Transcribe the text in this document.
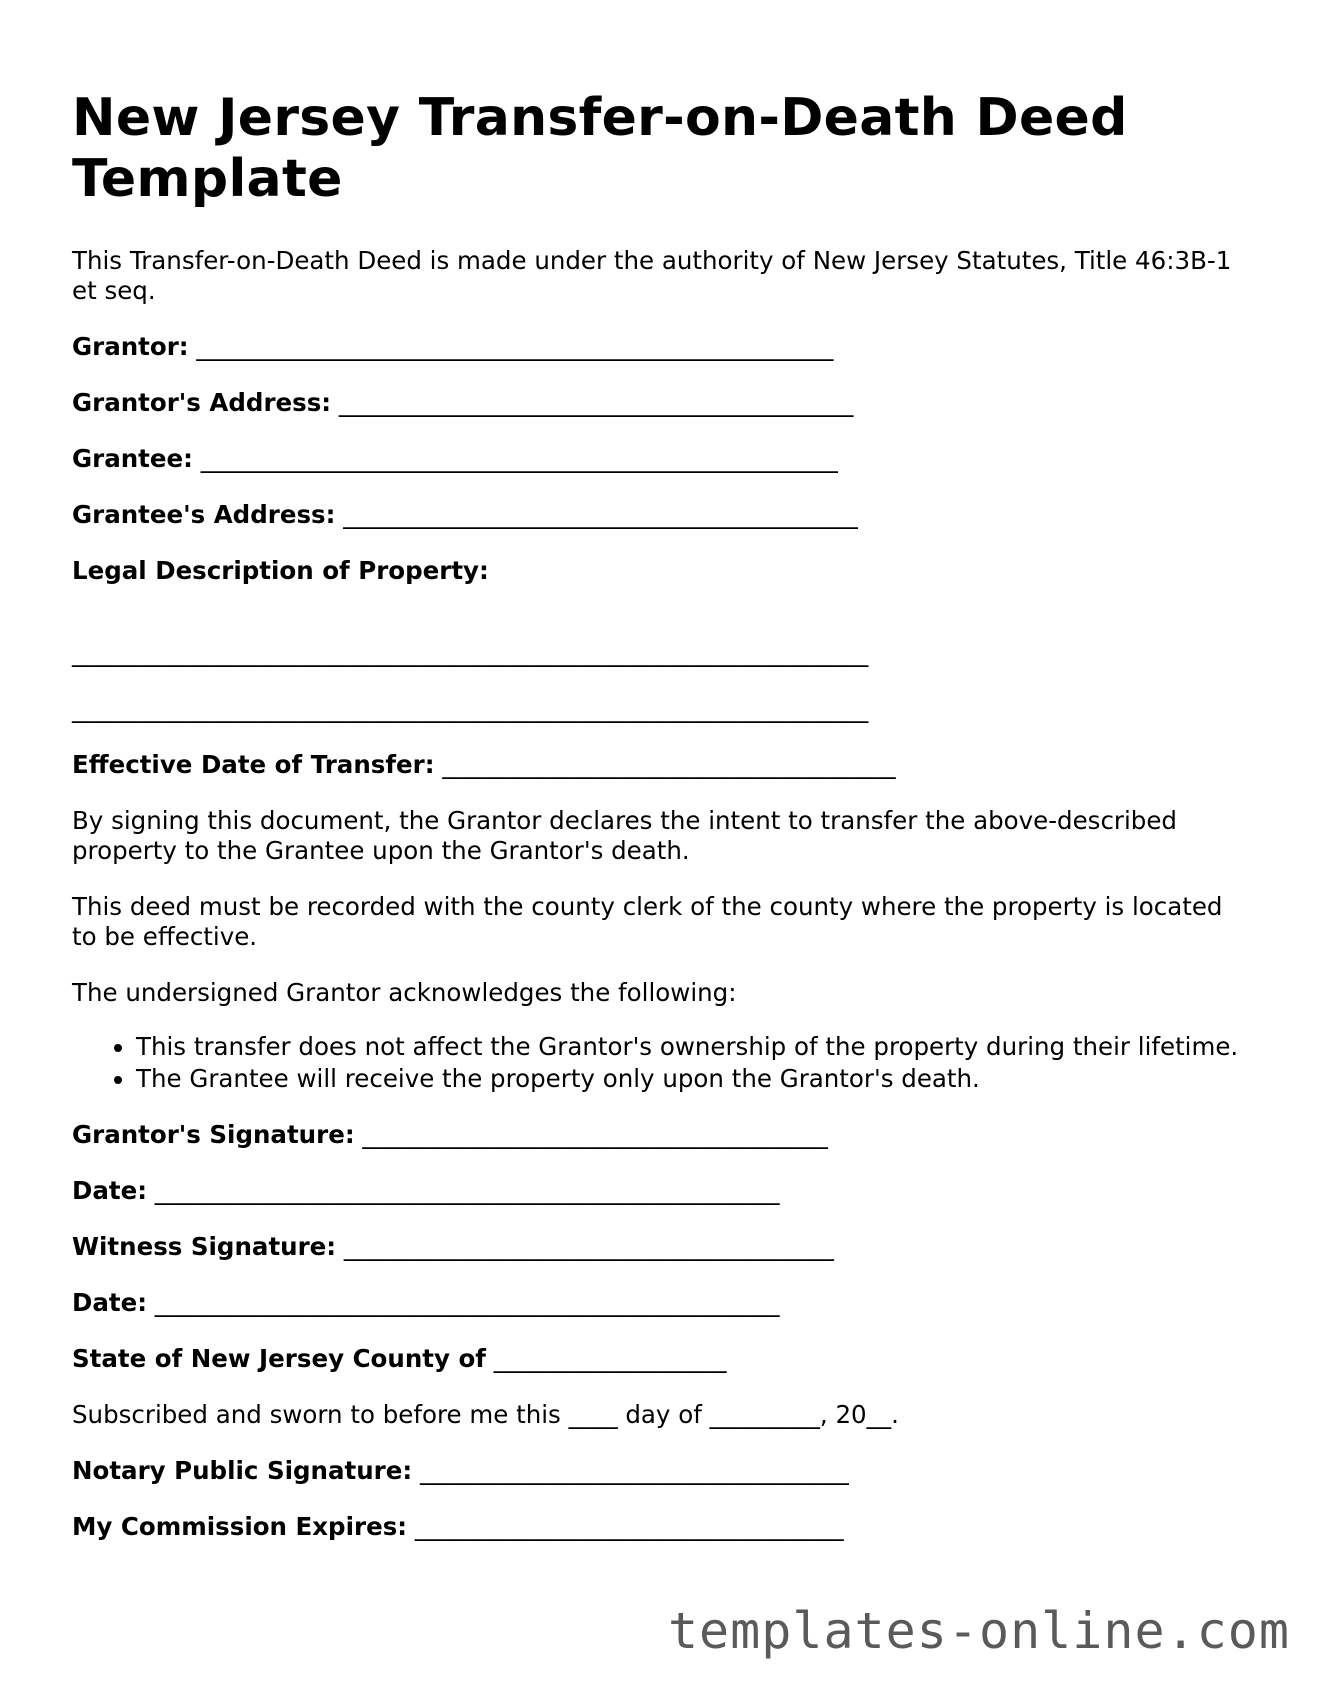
New Jersey Transfer-on-Death Deed Template

This Transfer-on-Death Deed is made under the authority of New Jersey Statutes, Title 46:3B-1 et seq.

Grantor: ____________________________________________________
Grantor's Address: __________________________________________
Grantee: ____________________________________________________
Grantee's Address: __________________________________________
Legal Description of Property:
_________________________________________________________________
_________________________________________________________________
Effective Date of Transfer: _____________________________________

By signing this document, the Grantor declares the intent to transfer the above-described property to the Grantee upon the Grantor's death.

This deed must be recorded with the county clerk of the county where the property is located to be effective.

The undersigned Grantor acknowledges the following:

• This transfer does not affect the Grantor's ownership of the property during their lifetime.
• The Grantee will receive the property only upon the Grantor's death.
Grantor's Signature: ______________________________________
Date: ___________________________________________________
Witness Signature: ________________________________________
Date: ___________________________________________________
State of New Jersey County of ___________________

Subscribed and sworn to before me this ____ day of _________, 20__.

Notary Public Signature: ___________________________________
My Commission Expires: ___________________________________
templates-online.com
